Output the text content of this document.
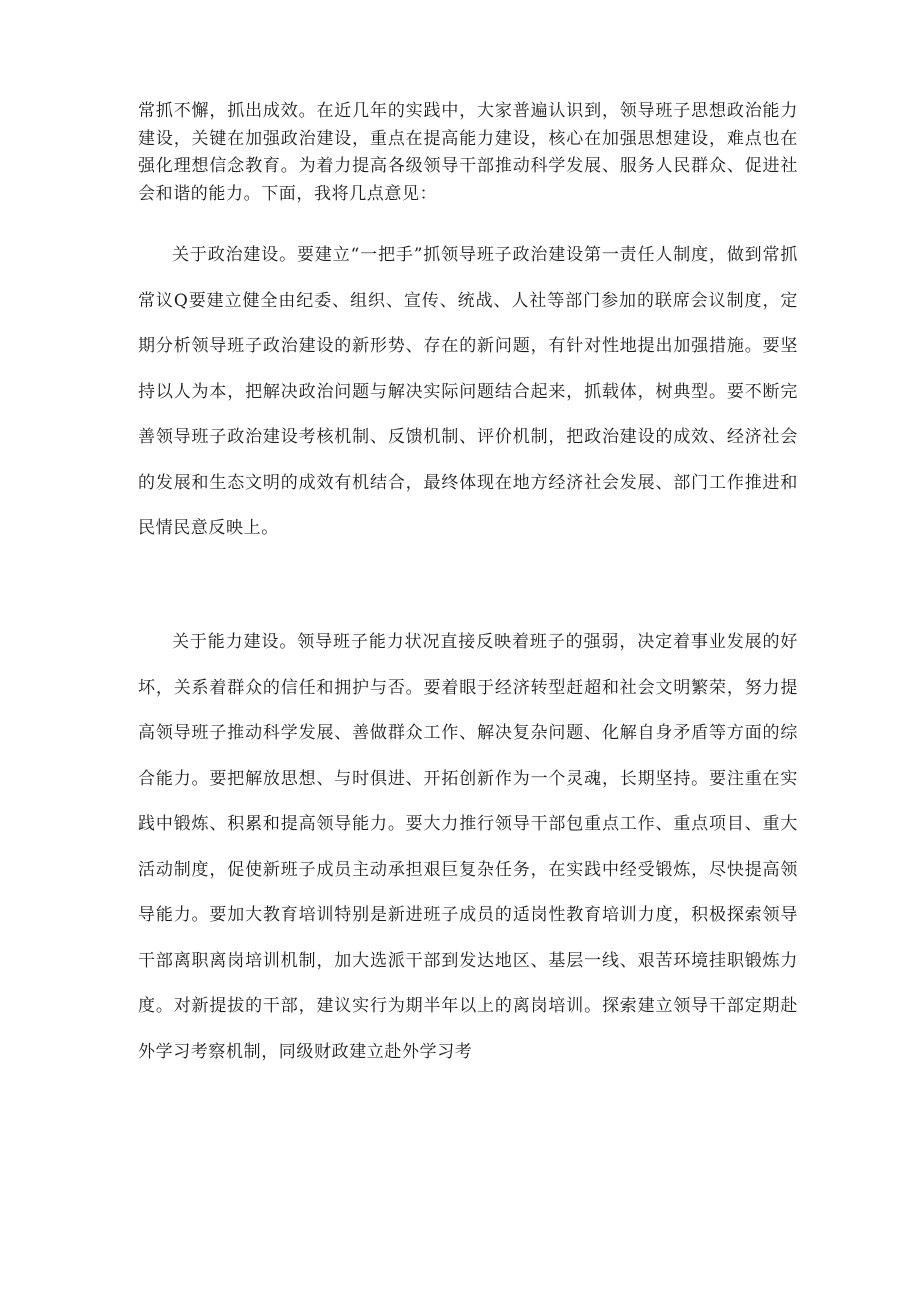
常抓不懈，抓出成效。在近几年的实践中，大家普遍认识到，领导班子思想政治能力建设，关键在加强政治建设，重点在提高能力建设，核心在加强思想建设，难点也在强化理想信念教育。为着力提高各级领导干部推动科学发展、服务人民群众、促进社会和谐的能力。下面，我将几点意见：

关于政治建设。要建立“一把手”抓领导班子政治建设第一责任人制度，做到常抓常议Q要建立健全由纪委、组织、宣传、统战、人社等部门参加的联席会议制度，定期分析领导班子政治建设的新形势、存在的新问题，有针对性地提出加强措施。要坚持以人为本，把解决政治问题与解决实际问题结合起来，抓载体，树典型。要不断完善领导班子政治建设考核机制、反馈机制、评价机制，把政治建设的成效、经济社会的发展和生态文明的成效有机结合，最终体现在地方经济社会发展、部门工作推进和民情民意反映上。

关于能力建设。领导班子能力状况直接反映着班子的强弱，决定着事业发展的好坏，关系着群众的信任和拥护与否。要着眼于经济转型赶超和社会文明繁荣，努力提高领导班子推动科学发展、善做群众工作、解决复杂问题、化解自身矛盾等方面的综合能力。要把解放思想、与时俱进、开拓创新作为一个灵魂，长期坚持。要注重在实践中锻炼、积累和提高领导能力。要大力推行领导干部包重点工作、重点项目、重大活动制度，促使新班子成员主动承担艰巨复杂任务，在实践中经受锻炼，尽快提高领导能力。要加大教育培训特别是新进班子成员的适岗性教育培训力度，积极探索领导干部离职离岗培训机制，加大选派干部到发达地区、基层一线、艰苦环境挂职锻炼力度。对新提拔的干部，建议实行为期半年以上的离岗培训。探索建立领导干部定期赴外学习考察机制，同级财政建立赴外学习考
